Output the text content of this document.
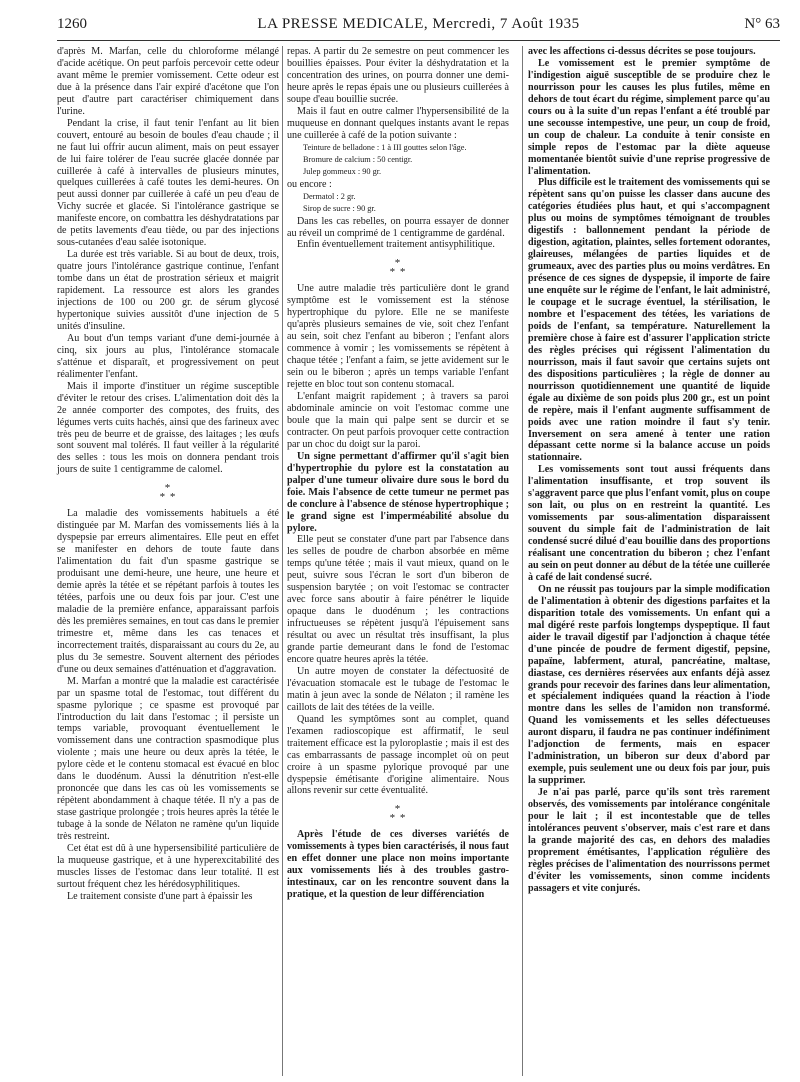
1260	LA PRESSE MEDICALE, Mercredi, 7 Août 1935	N° 63

d'après M. Marfan, celle du chloroforme mélangé d'acide acétique. On peut parfois percevoir cette odeur avant même le premier vomissement. Cette odeur est due à la présence dans l'air expiré d'acétone que l'on peut d'autre part caractériser chimiquement dans l'urine.

Pendant la crise, il faut tenir l'enfant au lit bien couvert, entouré au besoin de boules d'eau chaude ; il ne faut lui offrir aucun aliment, mais on peut essayer de lui faire tolérer de l'eau sucrée glacée donnée par cuillerée à café à intervalles de plusieurs minutes, quelques cuillerées à café toutes les demi-heures. On peut aussi donner par cuillerée à café un peu d'eau de Vichy sucrée et glacée. Si l'intolérance gastrique se manifeste encore, on combattra les déshydratations par de petits lavements d'eau tiède, ou par des injections sous-cutanées d'eau salée isotonique.

La durée est très variable. Si au bout de deux, trois, quatre jours l'intolérance gastrique continue, l'enfant tombe dans un état de prostration sérieux et maigrit rapidement. La ressource est alors les grandes injections de 100 ou 200 gr. de sérum glycosé hypertonique suivies aussitôt d'une injection de 5 unités d'insuline.

Au bout d'un temps variant d'une demi-journée à cinq, six jours au plus, l'intolérance stomacale s'atténue et disparaît, et progressivement on peut réalimenter l'enfant.

Mais il importe d'instituer un régime susceptible d'éviter le retour des crises. L'alimentation doit dès la 2e année comporter des compotes, des fruits, des légumes verts cuits hachés, ainsi que des farineux avec très peu de beurre et de graisse, des laitages ; les œufs sont souvent mal tolérés. Il faut veiller à la régularité des selles : tous les mois on donnera pendant trois jours de suite 1 centigramme de calomel.

*
* *

La maladie des vomissements habituels a été distinguée par M. Marfan des vomissements liés à la dyspepsie par erreurs alimentaires. Elle peut en effet se manifester en dehors de toute faute dans l'alimentation du fait d'un spasme gastrique se produisant une demi-heure, une heure, une heure et demie après la tétée et se répétant parfois à toutes les tétées, parfois une ou deux fois par jour. C'est une maladie de la première enfance, apparaissant parfois dès les premières semaines, en tout cas dans le premier trimestre et, même dans les cas tenaces et incorrectement traités, disparaissant au cours du 2e, au plus du 3e semestre. Souvent alternent des périodes d'une ou deux semaines d'atténuation et d'aggravation.

M. Marfan a montré que la maladie est caractérisée par un spasme total de l'estomac, tout différent du spasme pylorique ; ce spasme est provoqué par l'introduction du lait dans l'estomac ; il persiste un temps variable, provoquant éventuellement le vomissement dans une contraction spasmodique plus violente ; mais une heure ou deux après la tétée, le pylore cède et le contenu stomacal est évacué en bloc dans le duodénum. Aussi la dénutrition n'est-elle prononcée que dans les cas où les vomissements se répètent abondamment à chaque tétée. Il n'y a pas de stase gastrique prolongée ; trois heures après la tétée le tubage à la sonde de Nélaton ne ramène qu'un liquide très restreint.

Cet état est dû à une hypersensibilité particulière de la muqueuse gastrique, et à une hyperexcitabilité des muscles lisses de l'estomac dans leur totalité. Il est surtout fréquent chez les hérédosyphilitiques.

Le traitement consiste d'une part à épaissir les

repas. A partir du 2e semestre on peut commencer les bouillies épaisses. Pour éviter la déshydratation et la concentration des urines, on pourra donner une demi-heure après le repas épais une ou plusieurs cuillerées à soupe d'eau bouillie sucrée.

Mais il faut en outre calmer l'hypersensibilité de la muqueuse en donnant quelques instants avant le repas une cuillerée à café de la potion suivante :

Teinture de belladone : 1 à III gouttes selon l'âge.
Bromure de calcium : 50 centigr.
Julep gommeux : 90 gr.

ou encore :

Dermatol : 2 gr.
Sirop de sucre : 90 gr.

Dans les cas rebelles, on pourra essayer de donner au réveil un comprimé de 1 centigramme de gardénal.

Enfin éventuellement traitement antisyphilitique.

*
* *

Une autre maladie très particulière dont le grand symptôme est le vomissement est la sténose hypertrophique du pylore. Elle ne se manifeste qu'après plusieurs semaines de vie, soit chez l'enfant au sein, soit chez l'enfant au biberon ; l'enfant alors commence à vomir ; les vomissements se répètent à chaque tétée ; l'enfant a faim, se jette avidement sur le sein ou le biberon ; après un temps variable l'enfant rejette en bloc tout son contenu stomacal.

L'enfant maigrit rapidement ; à travers sa paroi abdominale amincie on voit l'estomac comme une boule que la main qui palpe sent se durcir et se contracter. On peut parfois provoquer cette contraction par un choc du doigt sur la paroi.

Un signe permettant d'affirmer qu'il s'agit bien d'hypertrophie du pylore est la constatation au palper d'une tumeur olivaire dure sous le bord du foie. Mais l'absence de cette tumeur ne permet pas de conclure à l'absence de sténose hypertrophique ; le grand signe est l'imperméabilité absolue du pylore.

Elle peut se constater d'une part par l'absence dans les selles de poudre de charbon absorbée en même temps qu'une tétée ; mais il vaut mieux, quand on le peut, suivre sous l'écran le sort d'un biberon de suspension barytée ; on voit l'estomac se contracter avec force sans aboutir à faire pénétrer le liquide opaque dans le duodénum ; les contractions infructueuses se répètent jusqu'à l'épuisement sans résultat ou avec un résultat très insuffisant, la plus grande partie demeurant dans le fond de l'estomac encore quatre heures après la tétée.

Un autre moyen de constater la défectuosité de l'évacuation stomacale est le tubage de l'estomac le matin à jeun avec la sonde de Nélaton ; il ramène les caillots de lait des tétées de la veille.

Quand les symptômes sont au complet, quand l'examen radioscopique est affirmatif, le seul traitement efficace est la pyloroplastie ; mais il est des cas embarrassants de passage incomplet où on peut croire à un spasme pylorique provoqué par une dyspepsie émétisante d'origine alimentaire. Nous allons revenir sur cette éventualité.

*
* *

Après l'étude de ces diverses variétés de vomissements à types bien caractérisés, il nous faut en effet donner une place non moins importante aux vomissements liés à des troubles gastro-intestinaux, car on les rencontre souvent dans la pratique, et la question de leur différenciation

avec les affections ci-dessus décrites se pose toujours.

Le vomissement est le premier symptôme de l'indigestion aiguë susceptible de se produire chez le nourrisson pour les causes les plus futiles, même en dehors de tout écart du régime, simplement parce qu'au cours ou à la suite d'un repas l'enfant a été troublé par une secousse intempestive, une peur, un coup de froid, un coup de chaleur. La conduite à tenir consiste en simple repos de l'estomac par la diète aqueuse momentanée bientôt suivie d'une reprise progressive de l'alimentation.

Plus difficile est le traitement des vomissements qui se répètent sans qu'on puisse les classer dans aucune des catégories étudiées plus haut, et qui s'accompagnent plus ou moins de symptômes témoignant de troubles digestifs : ballonnement pendant la période de digestion, agitation, plaintes, selles fortement odorantes, glaireuses, mélangées de parties liquides et de grumeaux, avec des parties plus ou moins verdâtres. En présence de ces signes de dyspepsie, il importe de faire une enquête sur le régime de l'enfant, le lait administré, le coupage et le sucrage éventuel, la stérilisation, le nombre et l'espacement des tétées, les variations de poids de l'enfant, sa température. Naturellement la première chose à faire est d'assurer l'application stricte des règles précises qui régissent l'alimentation du nourrisson, mais il faut savoir que certains sujets ont des dispositions particulières ; la règle de donner au nourrisson quotidiennement une quantité de liquide égale au dixième de son poids plus 200 gr., est un point de repère, mais il l'enfant augmente suffisamment de poids avec une ration moindre il faut s'y tenir. Inversement on sera amené à tenter une ration dépassant cette norme si la balance accuse un poids stationnaire.

Les vomissements sont tout aussi fréquents dans l'alimentation insuffisante, et trop souvent ils s'aggravent parce que plus l'enfant vomit, plus on coupe son lait, ou plus on en restreint la quantité. Les vomissements par sous-alimentation disparaissent souvent du simple fait de l'administration de lait condensé sucré dilué d'eau bouillie dans des proportions réalisant une concentration du biberon ; chez l'enfant au sein on peut donner au début de la tétée une cuillerée à café de lait condensé sucré.

On ne réussit pas toujours par la simple modification de l'alimentation à obtenir des digestions parfaites et la disparition totale des vomissements. Un enfant qui a mal digéré reste parfois longtemps dyspeptique. Il faut aider le travail digestif par l'adjonction à chaque tétée d'une pincée de poudre de ferment digestif, pepsine, papaïne, labferment, atural, pancréatine, maltase, diastase, ces dernières réservées aux enfants déjà assez grands pour recevoir des farines dans leur alimentation, et spécialement indiquées quand la réaction à l'iode montre dans les selles de l'amidon non transformé. Quand les vomissements et les selles défectueuses auront disparu, il faudra ne pas continuer indéfiniment l'adjonction de ferments, mais en espacer l'administration, un biberon sur deux d'abord par exemple, puis seulement une ou deux fois par jour, puis la supprimer.

Je n'ai pas parlé, parce qu'ils sont très rarement observés, des vomissements par intolérance congénitale pour le lait ; il est incontestable que de telles intolérances peuvent s'observer, mais c'est rare et dans la grande majorité des cas, en dehors des maladies proprement émétisantes, l'application régulière des règles précises de l'alimentation des nourrissons permet d'éviter les vomissements, sinon comme incidents passagers et vite conjurés.
